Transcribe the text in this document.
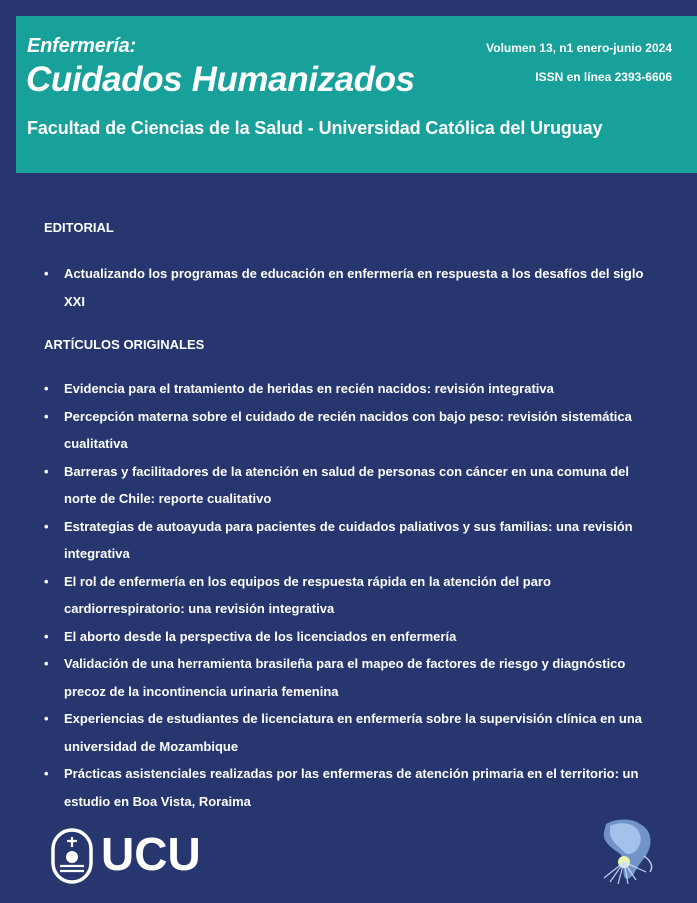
Enfermería:
Cuidados Humanizados
Facultad de Ciencias de la Salud - Universidad Católica del Uruguay
Volumen 13, n1 enero-junio 2024
ISSN en línea 2393-6606
EDITORIAL
• Actualizando los programas de educación en enfermería en respuesta a los desafíos del siglo XXI
ARTÍCULOS ORIGINALES
• Evidencia para el tratamiento de heridas en recién nacidos: revisión integrativa
• Percepción materna sobre el cuidado de recién nacidos con bajo peso: revisión sistemática cualitativa
• Barreras y facilitadores de la atención en salud de personas con cáncer en una comuna del norte de Chile: reporte cualitativo
• Estrategias de autoayuda para pacientes de cuidados paliativos y sus familias: una revisión integrativa
• El rol de enfermería en los equipos de respuesta rápida en la atención del paro cardiorrespiratorio: una revisión integrativa
• El aborto desde la perspectiva de los licenciados en enfermería
• Validación de una herramienta brasileña para el mapeo de factores de riesgo y diagnóstico precoz de la incontinencia urinaria femenina
• Experiencias de estudiantes de licenciatura en enfermería sobre la supervisión clínica en una universidad de Mozambique
• Prácticas asistenciales realizadas por las enfermeras de atención primaria en el territorio: un estudio en Boa Vista, Roraima
UCU
